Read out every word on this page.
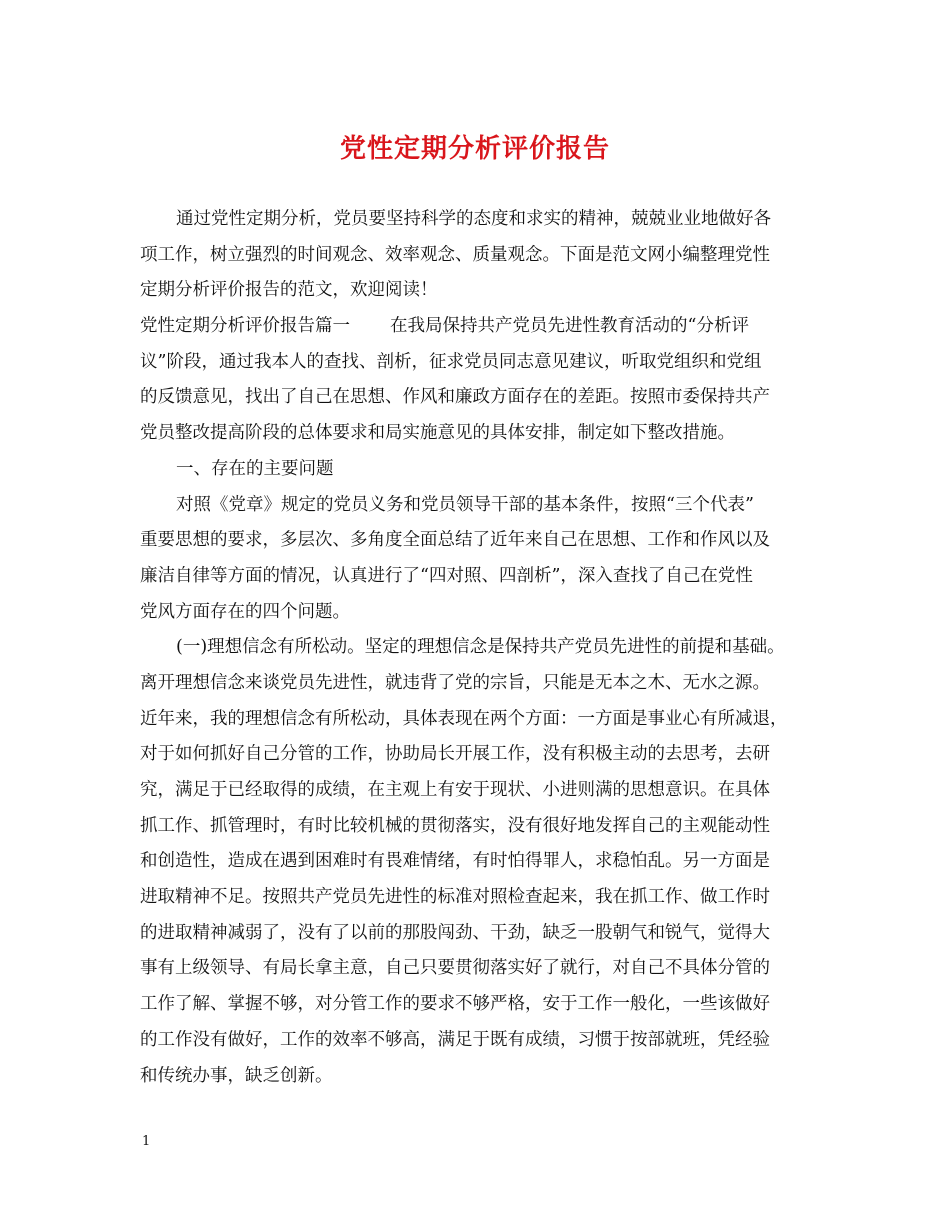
党性定期分析评价报告
通过党性定期分析，党员要坚持科学的态度和求实的精神，兢兢业业地做好各
项工作，树立强烈的时间观念、效率观念、质量观念。下面是范文网小编整理党性
定期分析评价报告的范文，欢迎阅读！
党性定期分析评价报告篇一 在我局保持共产党员先进性教育活动的“分析评
议”阶段，通过我本人的查找、剖析，征求党员同志意见建议，听取党组织和党组
的反馈意见，找出了自己在思想、作风和廉政方面存在的差距。按照市委保持共产
党员整改提高阶段的总体要求和局实施意见的具体安排，制定如下整改措施。
一、存在的主要问题
对照《党章》规定的党员义务和党员领导干部的基本条件，按照“三个代表”
重要思想的要求，多层次、多角度全面总结了近年来自己在思想、工作和作风以及
廉洁自律等方面的情况，认真进行了“四对照、四剖析”，深入查找了自己在党性
党风方面存在的四个问题。
(一)理想信念有所松动。坚定的理想信念是保持共产党员先进性的前提和基础。
离开理想信念来谈党员先进性，就违背了党的宗旨，只能是无本之木、无水之源。
近年来，我的理想信念有所松动，具体表现在两个方面：一方面是事业心有所减退，
对于如何抓好自己分管的工作，协助局长开展工作，没有积极主动的去思考，去研
究，满足于已经取得的成绩，在主观上有安于现状、小进则满的思想意识。在具体
抓工作、抓管理时，有时比较机械的贯彻落实，没有很好地发挥自己的主观能动性
和创造性，造成在遇到困难时有畏难情绪，有时怕得罪人，求稳怕乱。另一方面是
进取精神不足。按照共产党员先进性的标准对照检查起来，我在抓工作、做工作时
的进取精神减弱了，没有了以前的那股闯劲、干劲，缺乏一股朝气和锐气，觉得大
事有上级领导、有局长拿主意，自己只要贯彻落实好了就行，对自己不具体分管的
工作了解、掌握不够，对分管工作的要求不够严格，安于工作一般化，一些该做好
的工作没有做好，工作的效率不够高，满足于既有成绩，习惯于按部就班，凭经验
和传统办事，缺乏创新。
1
